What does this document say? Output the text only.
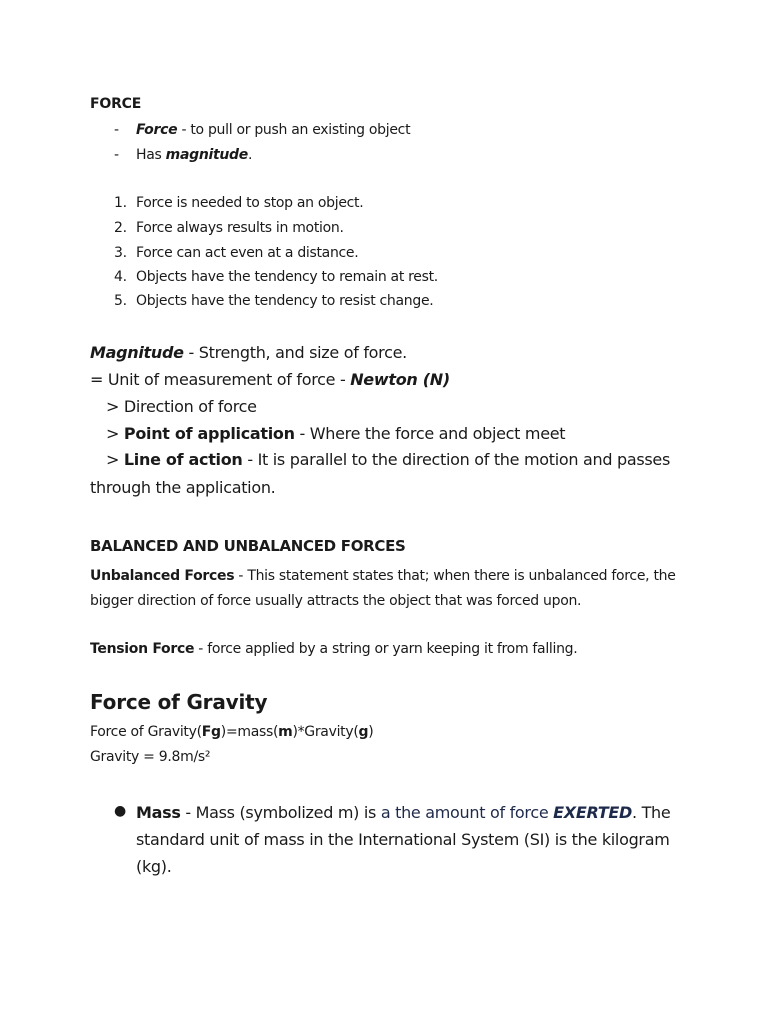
FORCE
- Force - to pull or push an existing object
- Has magnitude.
1. Force is needed to stop an object.
2. Force always results in motion.
3. Force can act even at a distance.
4. Objects have the tendency to remain at rest.
5. Objects have the tendency to resist change.
Magnitude - Strength, and size of force.
= Unit of measurement of force - Newton (N)
> Direction of force
> Point of application - Where the force and object meet
> Line of action - It is parallel to the direction of the motion and passes through the application.
BALANCED AND UNBALANCED FORCES
Unbalanced Forces - This statement states that; when there is unbalanced force, the bigger direction of force usually attracts the object that was forced upon.
Tension Force - force applied by a string or yarn keeping it from falling.
Force of Gravity
Force of Gravity(Fg)=mass(m)*Gravity(g)
Gravity = 9.8m/s²
● Mass - Mass (symbolized m) is a the amount of force EXERTED. The standard unit of mass in the International System (SI) is the kilogram (kg).
